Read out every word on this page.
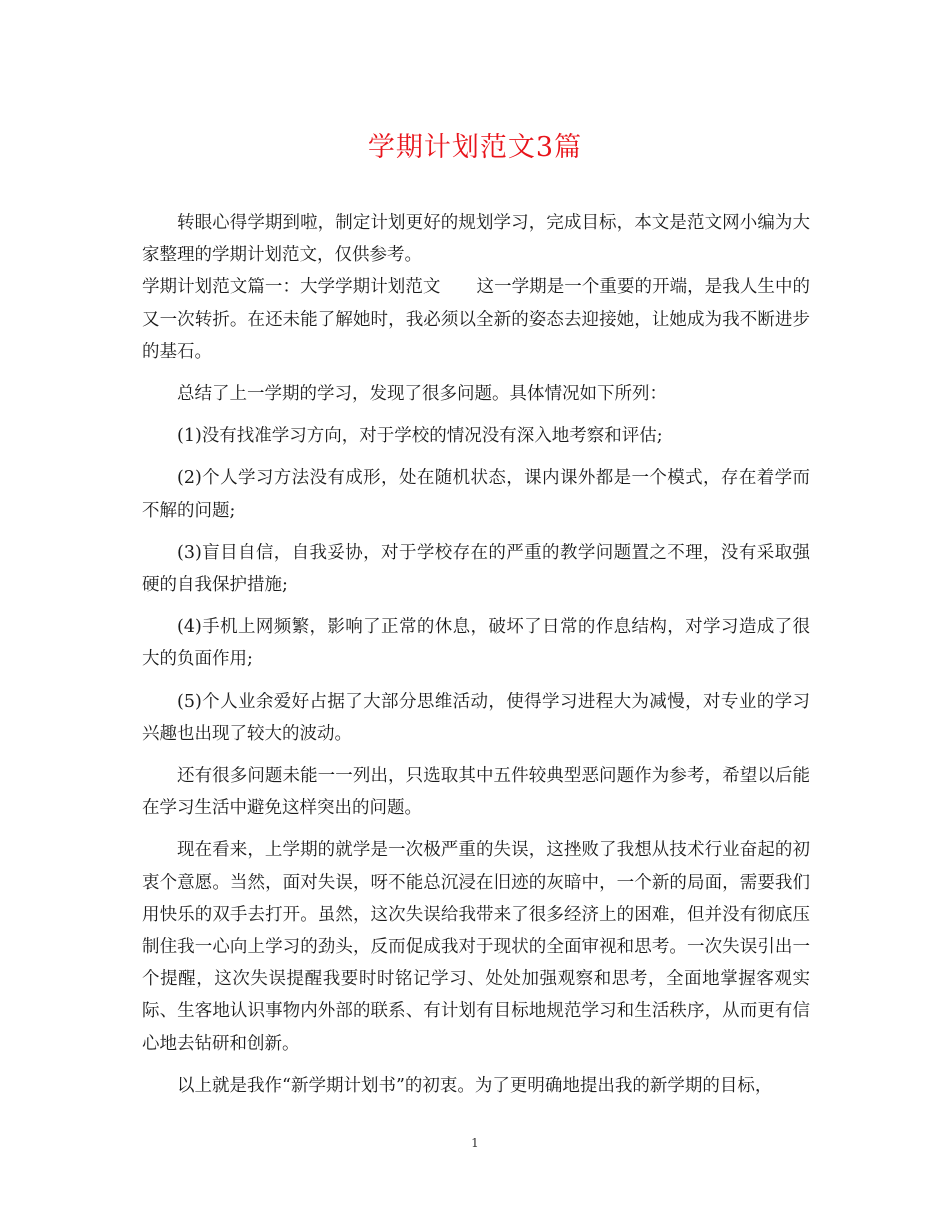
学期计划范文3篇

转眼心得学期到啦，制定计划更好的规划学习，完成目标，本文是范文网小编为大家整理的学期计划范文，仅供参考。

学期计划范文篇一：大学学期计划范文 这一学期是一个重要的开端，是我人生中的又一次转折。在还未能了解她时，我必须以全新的姿态去迎接她，让她成为我不断进步的基石。

总结了上一学期的学习，发现了很多问题。具体情况如下所列：

(1)没有找准学习方向，对于学校的情况没有深入地考察和评估;

(2)个人学习方法没有成形，处在随机状态，课内课外都是一个模式，存在着学而不解的问题;

(3)盲目自信，自我妥协，对于学校存在的严重的教学问题置之不理，没有采取强硬的自我保护措施;

(4)手机上网频繁，影响了正常的休息，破坏了日常的作息结构，对学习造成了很大的负面作用;

(5)个人业余爱好占据了大部分思维活动，使得学习进程大为减慢，对专业的学习兴趣也出现了较大的波动。

还有很多问题未能一一列出，只选取其中五件较典型恶问题作为参考，希望以后能在学习生活中避免这样突出的问题。

现在看来，上学期的就学是一次极严重的失误，这挫败了我想从技术行业奋起的初衷个意愿。当然，面对失误，呀不能总沉浸在旧迹的灰暗中，一个新的局面，需要我们用快乐的双手去打开。虽然，这次失误给我带来了很多经济上的困难，但并没有彻底压制住我一心向上学习的劲头，反而促成我对于现状的全面审视和思考。一次失误引出一个提醒，这次失误提醒我要时时铭记学习、处处加强观察和思考，全面地掌握客观实际、生客地认识事物内外部的联系、有计划有目标地规范学习和生活秩序，从而更有信心地去钻研和创新。

以上就是我作“新学期计划书”的初衷。为了更明确地提出我的新学期的目标，

1
